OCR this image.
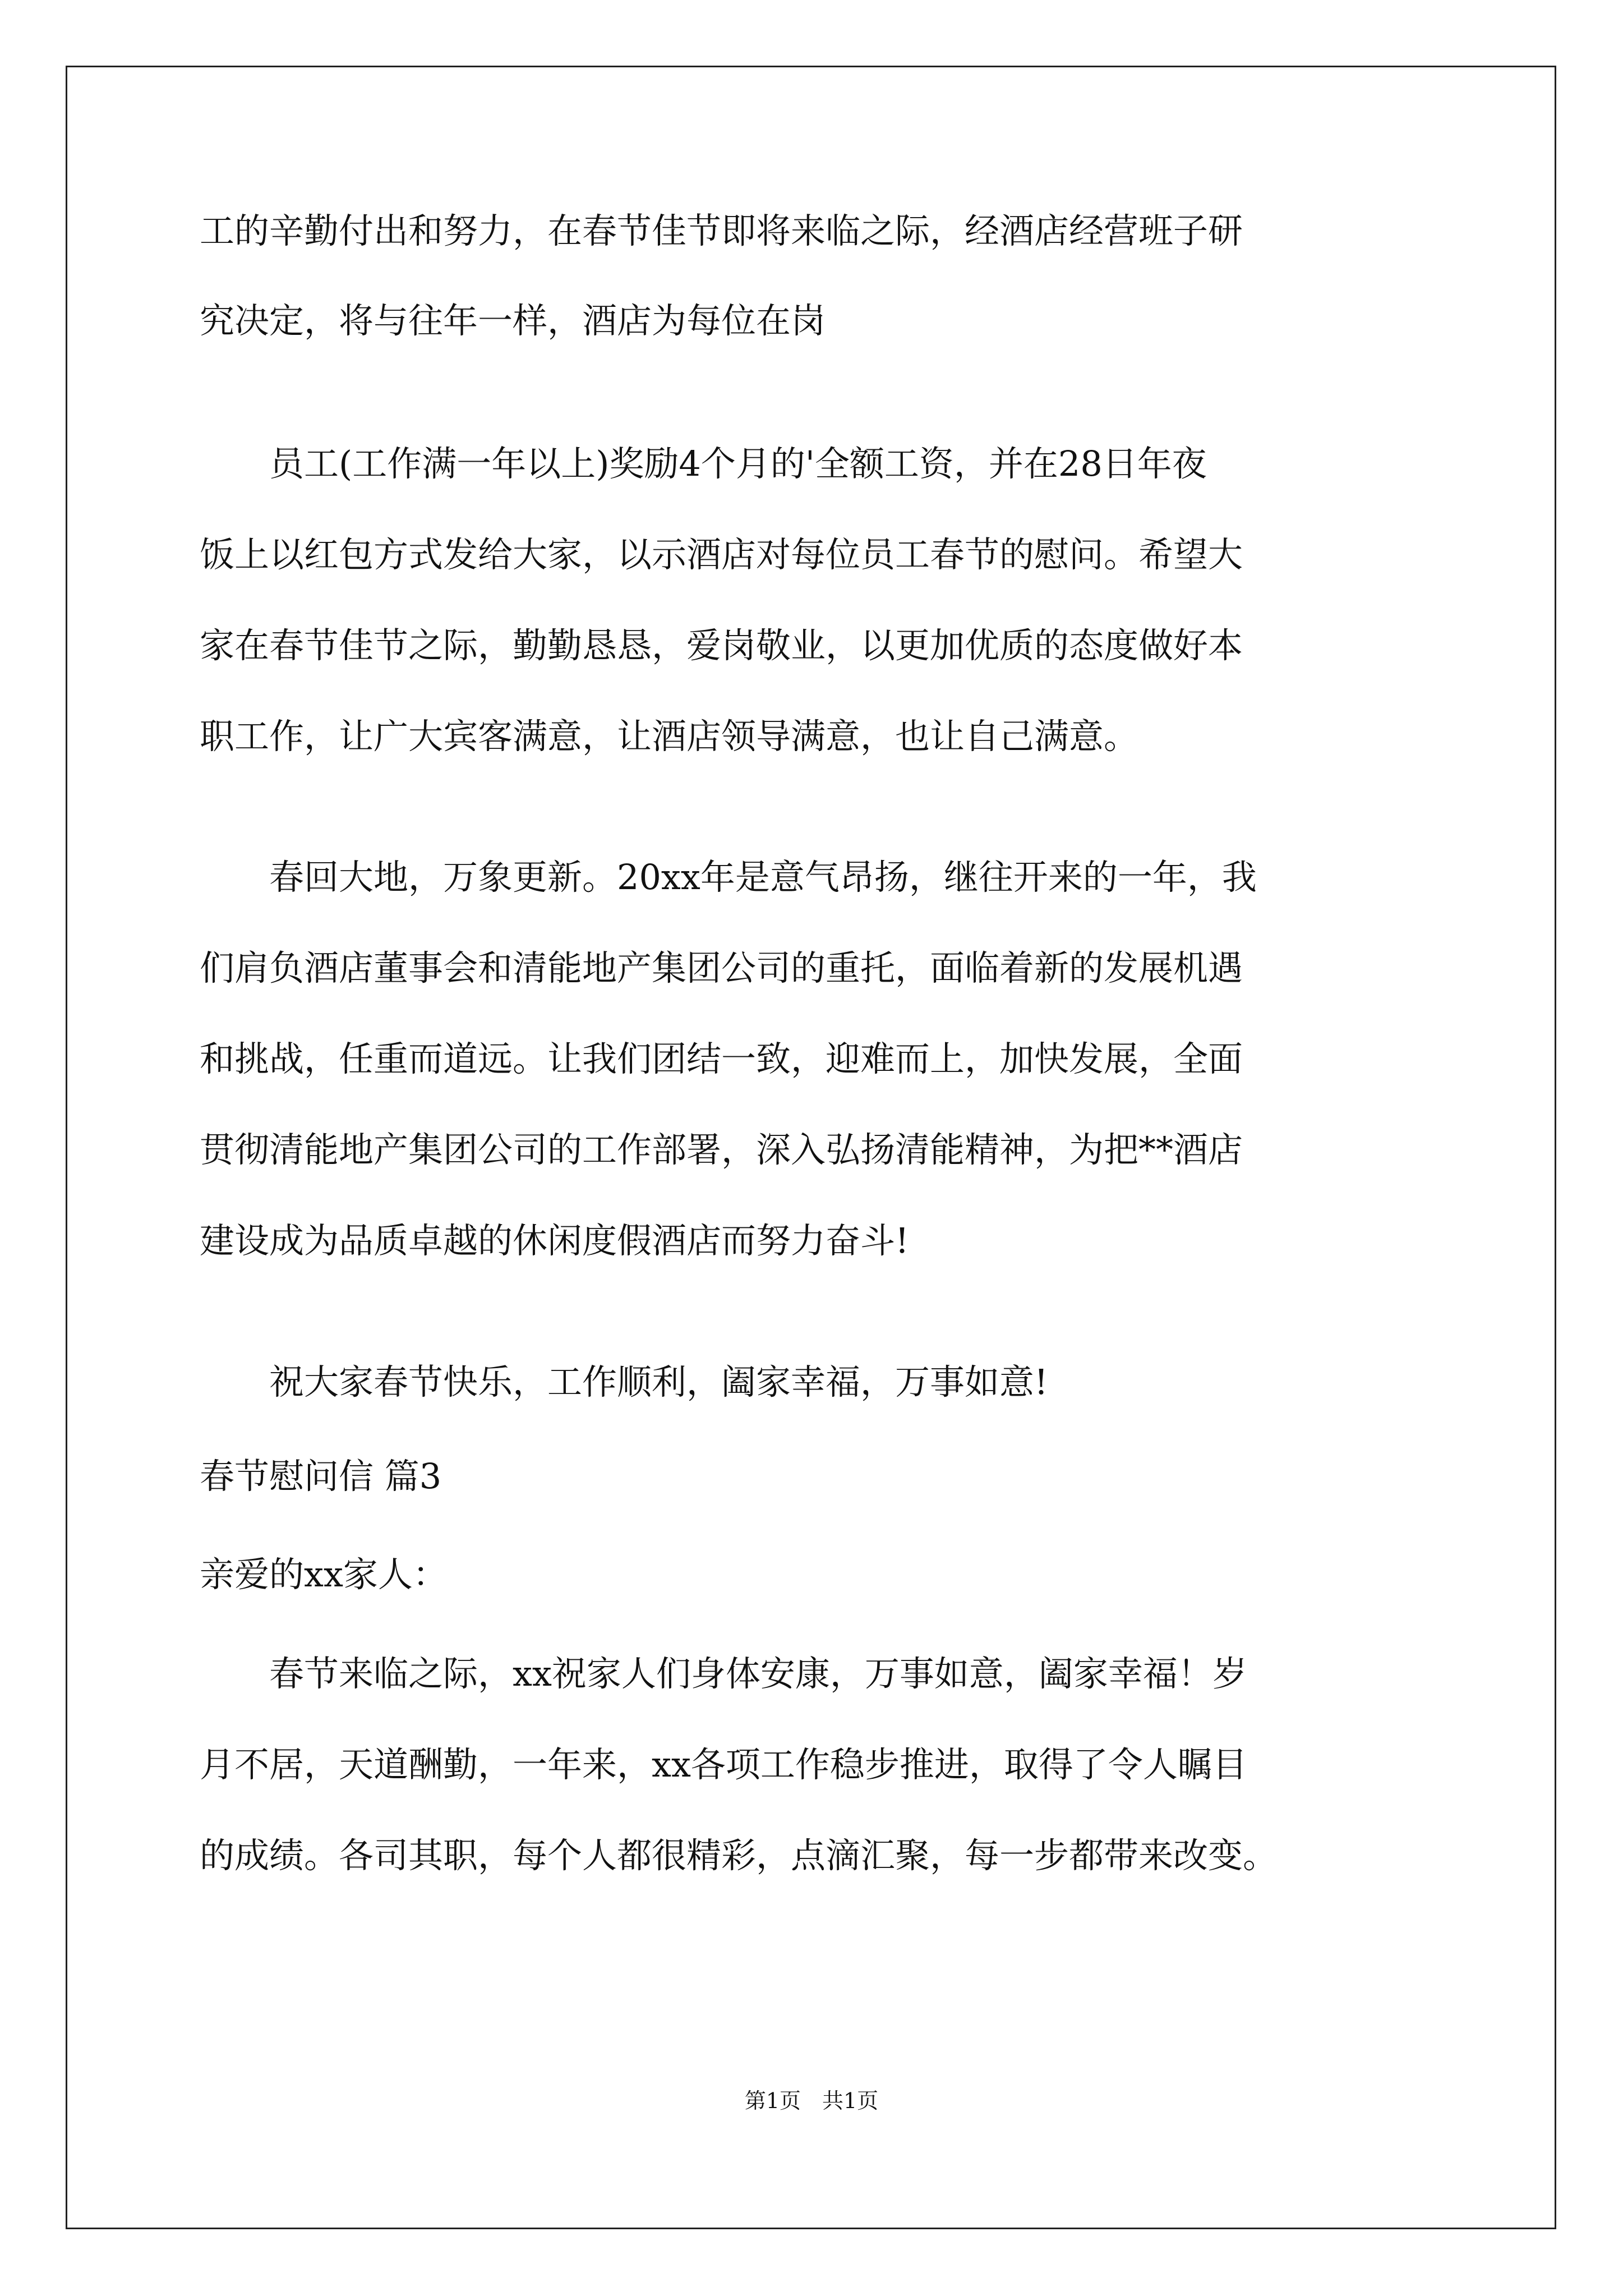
工的辛勤付出和努力，在春节佳节即将来临之际，经酒店经营班子研
究决定，将与往年一样，酒店为每位在岗
　　员工(工作满一年以上)奖励4个月的'全额工资，并在28日年夜
饭上以红包方式发给大家，以示酒店对每位员工春节的慰问。希望大
家在春节佳节之际，勤勤恳恳，爱岗敬业，以更加优质的态度做好本
职工作，让广大宾客满意，让酒店领导满意，也让自己满意。
　　春回大地，万象更新。20xx年是意气昂扬，继往开来的一年，我
们肩负酒店董事会和清能地产集团公司的重托，面临着新的发展机遇
和挑战，任重而道远。让我们团结一致，迎难而上，加快发展，全面
贯彻清能地产集团公司的工作部署，深入弘扬清能精神，为把**酒店
建设成为品质卓越的休闲度假酒店而努力奋斗!
　　祝大家春节快乐，工作顺利，阖家幸福，万事如意!
春节慰问信 篇3
亲爱的xx家人：
　　春节来临之际，xx祝家人们身体安康，万事如意，阖家幸福！岁
月不居，天道酬勤，一年来，xx各项工作稳步推进，取得了令人瞩目
的成绩。各司其职，每个人都很精彩，点滴汇聚，每一步都带来改变。
第1页　共1页
